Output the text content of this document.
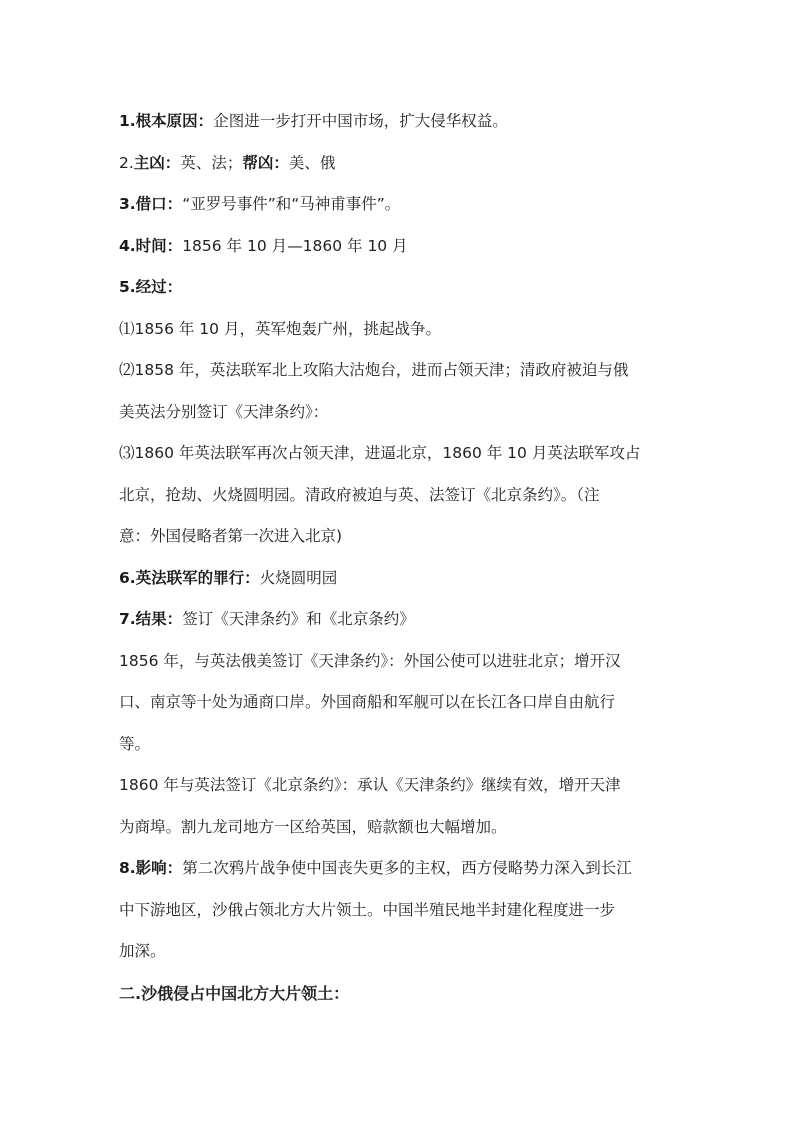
1.根本原因：企图进一步打开中国市场，扩大侵华权益。
2.主凶：英、法；帮凶：美、俄
3.借口：“亚罗号事件”和“马神甫事件”。
4.时间：1856 年 10 月—1860 年 10 月
5.经过：
⑴1856 年 10 月，英军炮轰广州，挑起战争。
⑵1858 年，英法联军北上攻陷大沽炮台，进而占领天津；清政府被迫与俄
美英法分别签订《天津条约》：
⑶1860 年英法联军再次占领天津，进逼北京，1860 年 10 月英法联军攻占
北京，抢劫、火烧圆明园。清政府被迫与英、法签订《北京条约》。（注
意：外国侵略者第一次进入北京)
6.英法联军的罪行：火烧圆明园
7.结果：签订《天津条约》和《北京条约》
1856 年，与英法俄美签订《天津条约》：外国公使可以进驻北京；增开汉
口、南京等十处为通商口岸。外国商船和军舰可以在长江各口岸自由航行
等。
1860 年与英法签订《北京条约》：承认《天津条约》继续有效，增开天津
为商埠。割九龙司地方一区给英国，赔款额也大幅增加。
8.影响：第二次鸦片战争使中国丧失更多的主权，西方侵略势力深入到长江
中下游地区，沙俄占领北方大片领土。中国半殖民地半封建化程度进一步
加深。
二.沙俄侵占中国北方大片领土：
